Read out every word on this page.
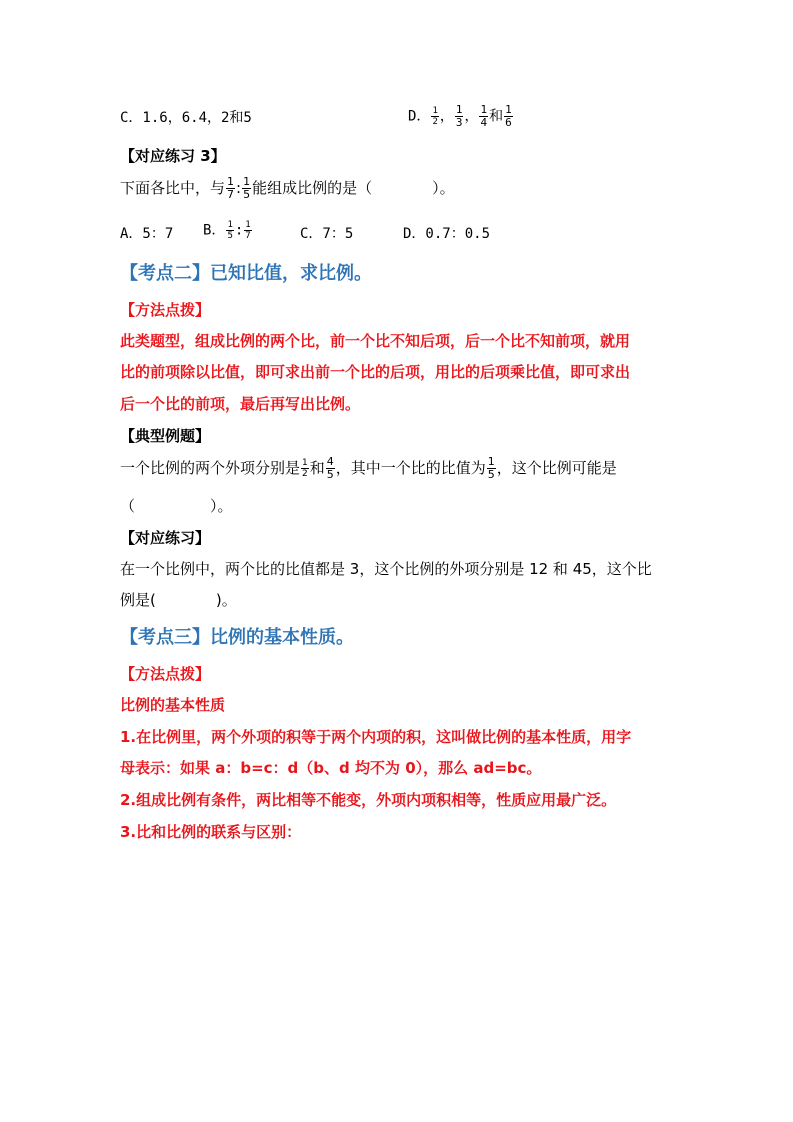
C．1.6，6.4，2和5	D． $\frac{1}{2}$ ， $\frac{1}{3}$ ， $\frac{1}{4}$ 和 $\frac{1}{6}$
【对应练习 3】
下面各比中，与 $\frac{1}{7}$ : $\frac{1}{5}$ 能组成比例的是（　　　　）。
A．5：7 B． $\frac{1}{5}$ : $\frac{1}{7}$	C．7：5	D．0.7：0.5
【考点二】已知比值，求比例。
【方法点拨】
此类题型，组成比例的两个比，前一个比不知后项，后一个比不知前项，就用
比的前项除以比值，即可求出前一个比的后项，用比的后项乘比值，即可求出
后一个比的前项，最后再写出比例。
【典型例题】
一个比例的两个外项分别是 $\frac{1}{2}$ 和 $\frac{4}{5}$ ，其中一个比的比值为 $\frac{1}{5}$ ，这个比例可能是
（　　　　　）。
【对应练习】
在一个比例中，两个比的比值都是 3，这个比例的外项分别是 12 和 45，这个比
例是(　　　　)。
【考点三】比例的基本性质。
【方法点拨】
比例的基本性质
1.在比例里，两个外项的积等于两个内项的积，这叫做比例的基本性质，用字
母表示：如果 a：b=c：d（b、d 均不为 0），那么 ad=bc。
2.组成比例有条件，两比相等不能变，外项内项积相等，性质应用最广泛。
3.比和比例的联系与区别：
